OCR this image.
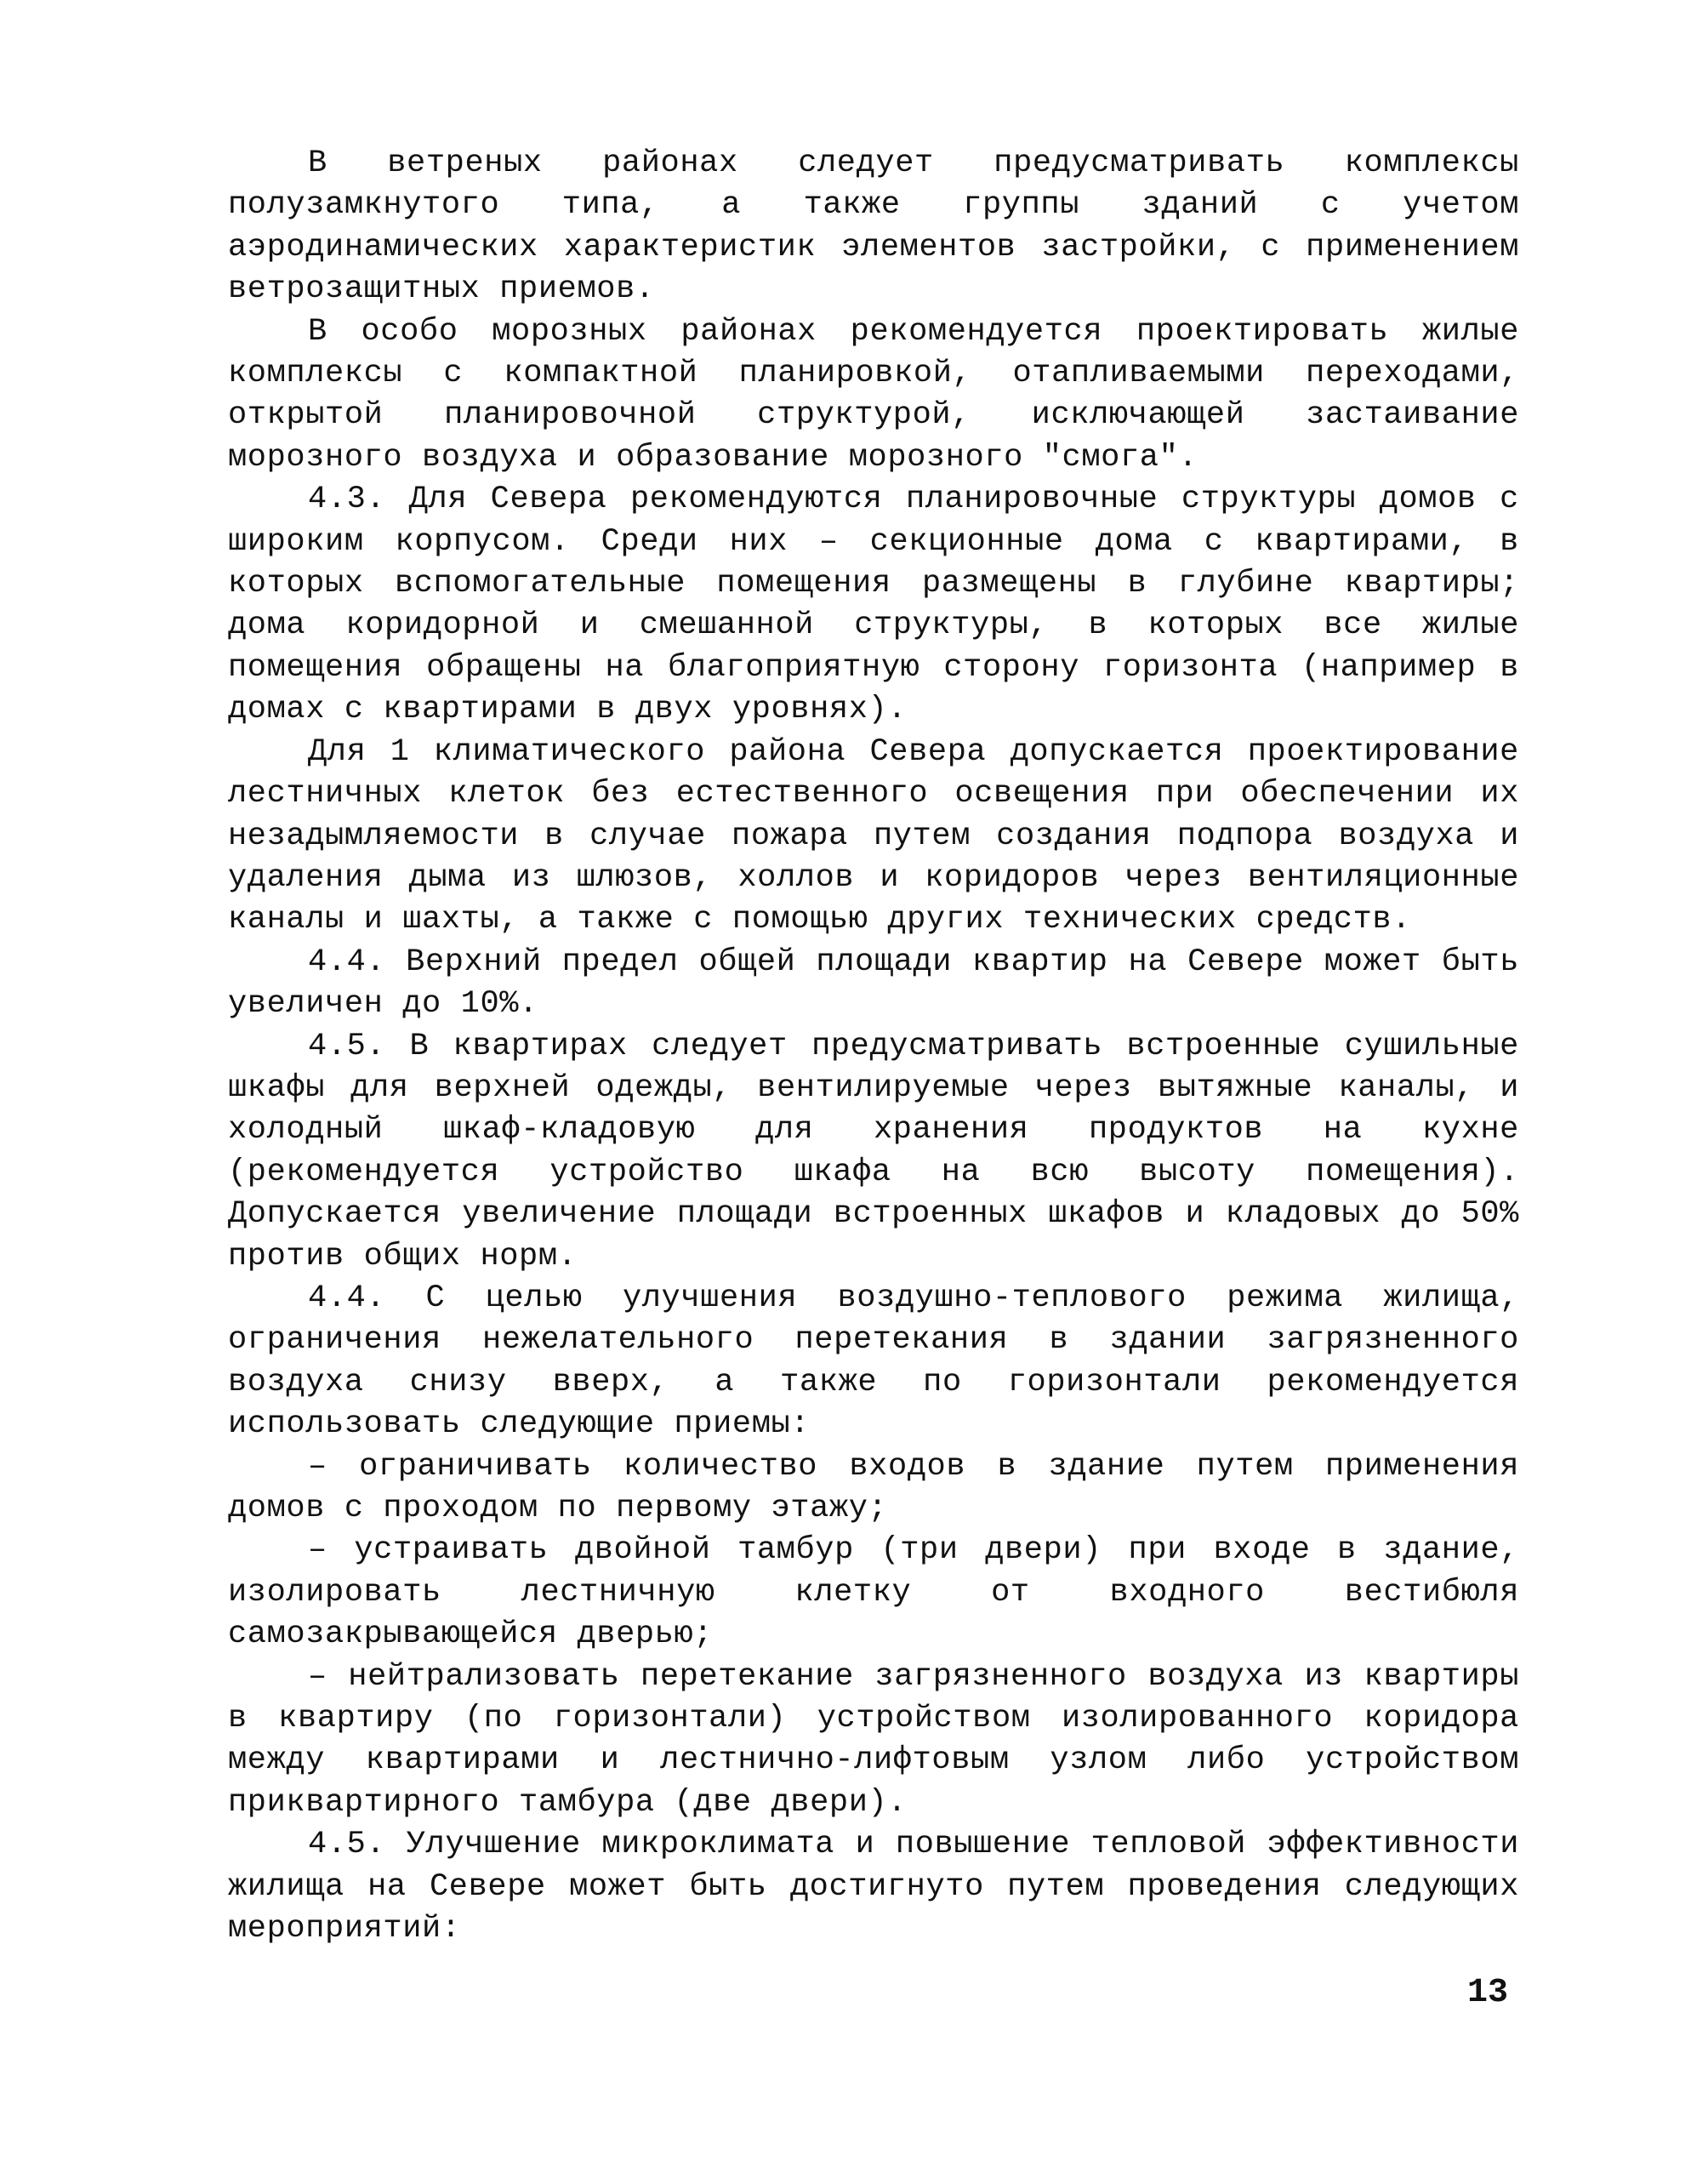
В ветреных районах следует предусматривать комплексы полузамкнутого типа, а также группы зданий с учетом аэродинамических характеристик элементов застройки, с применением ветрозащитных приемов.

В особо морозных районах рекомендуется проектировать жилые комплексы с компактной планировкой, отапливаемыми переходами, открытой планировочной структурой, исключающей застаивание морозного воздуха и образование морозного "смога".

4.3. Для Севера рекомендуются планировочные структуры домов с широким корпусом. Среди них – секционные дома с квартирами, в которых вспомогательные помещения размещены в глубине квартиры; дома коридорной и смешанной структуры, в которых все жилые помещения обращены на благоприятную сторону горизонта (например в домах с квартирами в двух уровнях).

Для 1 климатического района Севера допускается проектирование лестничных клеток без естественного освещения при обеспечении их незадымляемости в случае пожара путем создания подпора воздуха и удаления дыма из шлюзов, холлов и коридоров через вентиляционные каналы и шахты, а также с помощью других технических средств.

4.4. Верхний предел общей площади квартир на Севере может быть увеличен до 10%.

4.5. В квартирах следует предусматривать встроенные сушильные шкафы для верхней одежды, вентилируемые через вытяжные каналы, и холодный шкаф-кладовую для хранения продуктов на кухне (рекомендуется устройство шкафа на всю высоту помещения). Допускается увеличение площади встроенных шкафов и кладовых до 50% против общих норм.

4.4. С целью улучшения воздушно-теплового режима жилища, ограничения нежелательного перетекания в здании загрязненного воздуха снизу вверх, а также по горизонтали рекомендуется использовать следующие приемы:

– ограничивать количество входов в здание путем применения домов с проходом по первому этажу;

– устраивать двойной тамбур (три двери) при входе в здание, изолировать лестничную клетку от входного вестибюля самозакрывающейся дверью;

– нейтрализовать перетекание загрязненного воздуха из квартиры в квартиру (по горизонтали) устройством изолированного коридора между квартирами и лестнично-лифтовым узлом либо устройством приквартирного тамбура (две двери).

4.5. Улучшение микроклимата и повышение тепловой эффективности жилища на Севере может быть достигнуто путем проведения следующих мероприятий:

13
